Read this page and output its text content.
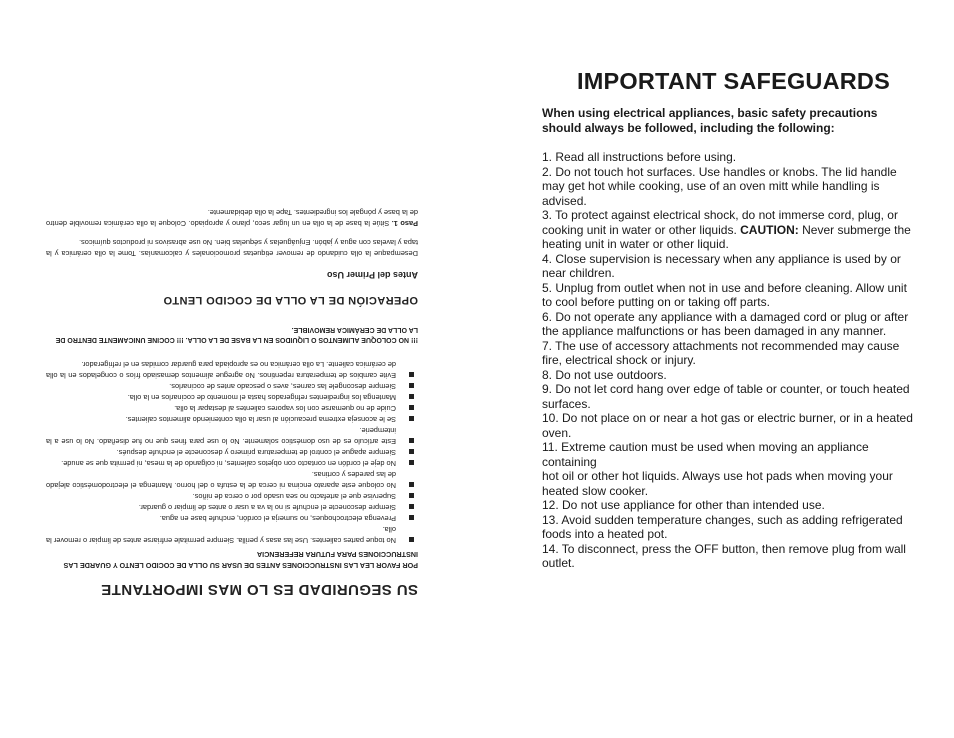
SU SEGURIDAD ES LO MAS IMPORTANTE
POR FAVOR LEA LAS INSTRUCCIONES ANTES DE USAR SU OLLA DE COCIDO LENTO Y GUARDE LAS INSTRUCCIONES PARA FUTURA REFERENCIA
No toque partes calientes. Use las asas y perilla. Siempre permitale enfriarse antes de limpiar o remover la olla.
Prevenga electrochoques, no sumerja el cordón, enchufe base en agua.
Siempre desconecte el enchufe si no la va a usar o antes de limpiar o guardar.
Supervise que el artefacto no sea usado por o cerca de niños.
No coloque este aparato encima ni cerca de la estufa o del horno. Mantenga el electrodoméstico alejado de las paredes y cortinas.
No deje el cordón en contacto con objetos calientes, ni colgando de la mesa, ni permita que se anude.
Siempre apague el control de temperatura primero y desconecte el enchufe después.
Este artículo es de uso doméstico solamente. No lo use para fines que no fue diseñado. No lo use a la intemperie.
Se le aconseja extrema precaución al usar la olla conteniendo alimentos calientes.
Cuide de no quemarse con los vapores calientes al destapar la olla.
Mantenga los ingredientes refrigerados hasta el momento de cocinarlos en la olla.
Siempre descongele las carnes, aves o pescado antes de cocinarlos.
Evite cambios de temperatura repentinos. No agregue alimentos demasiado fríos o congelados en la olla de cerámica caliente. La olla cerámica no es apropiada para guardar comidas en el refrigerador.
!!! NO COLOQUE ALIMENTOS O LIQUIDOS EN LA BASE DE LA OLLA. !!! COCINE UNICAMENTE DENTRO DE LA OLLA DE CERÁMICA REMOVIBLE.
OPERACIÓN DE LA OLLA DE COCIDO LENTO
Antes del Primer Uso

Desempaque la olla cuidando de remover etiquetas promocionales y calcomanías. Tome la olla cerámica y la tapa y lavelas con agua y jabón. Enjuáguelas y séquelas bien. No use abrasivos ni productos químicos.

Paso 1. Sitúe la base de la olla en un lugar seco, plano y apropiado. Coloque la olla cerámica removible dentro de la base y póngale los ingredientes. Tape la olla debidamente.

IMPORTANT SAFEGUARDS

When using electrical appliances, basic safety precautions should always be followed, including the following:

1. Read all instructions before using.
2. Do not touch hot surfaces. Use handles or knobs. The lid handle may get hot while cooking, use of an oven mitt while handling is advised.
3. To protect against electrical shock, do not immerse cord, plug, or cooking unit in water or other liquids. CAUTION: Never submerge the heating unit in water or other liquid.
4. Close supervision is necessary when any appliance is used by or near children.
5. Unplug from outlet when not in use and before cleaning. Allow unit to cool before putting on or taking off parts.
6. Do not operate any appliance with a damaged cord or plug or after the appliance malfunctions or has been damaged in any manner.
7. The use of accessory attachments not recommended may cause fire, electrical shock or injury.
8. Do not use outdoors.
9. Do not let cord hang over edge of table or counter, or touch heated surfaces.
10. Do not place on or near a hot gas or electric burner, or in a heated oven.
11. Extreme caution must be used when moving an appliance containing
hot oil or other hot liquids. Always use hot pads when moving your heated slow cooker.
12. Do not use appliance for other than intended use.
13. Avoid sudden temperature changes, such as adding refrigerated foods into a heated pot.
14. To disconnect, press the OFF button, then remove plug from wall outlet.
